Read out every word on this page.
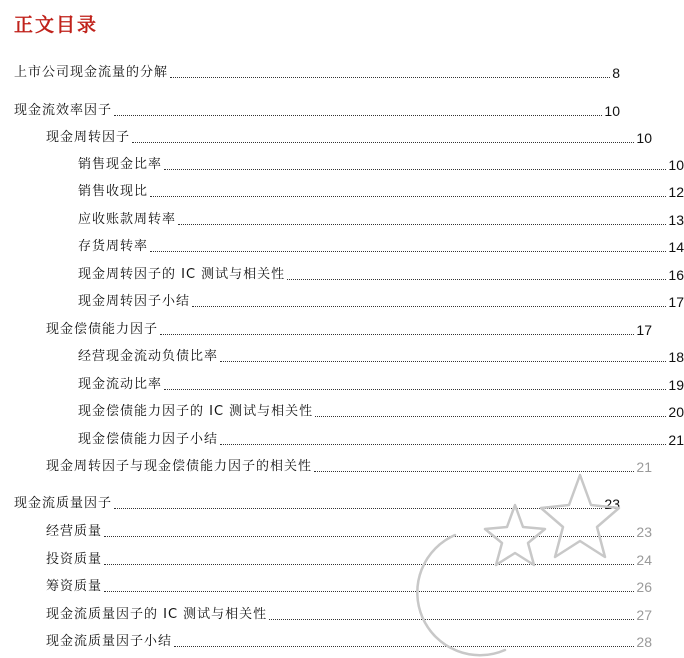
正文目录
上市公司现金流量的分解	8
现金流效率因子	10
现金周转因子	10
销售现金比率	10
销售收现比	12
应收账款周转率	13
存货周转率	14
现金周转因子的 IC 测试与相关性	16
现金周转因子小结	17
现金偿债能力因子	17
经营现金流动负债比率	18
现金流动比率	19
现金偿债能力因子的 IC 测试与相关性	20
现金偿债能力因子小结	21
现金周转因子与现金偿债能力因子的相关性	21
现金流质量因子	23
经营质量	23
投资质量	24
筹资质量	26
现金流质量因子的 IC 测试与相关性	27
现金流质量因子小结	28
